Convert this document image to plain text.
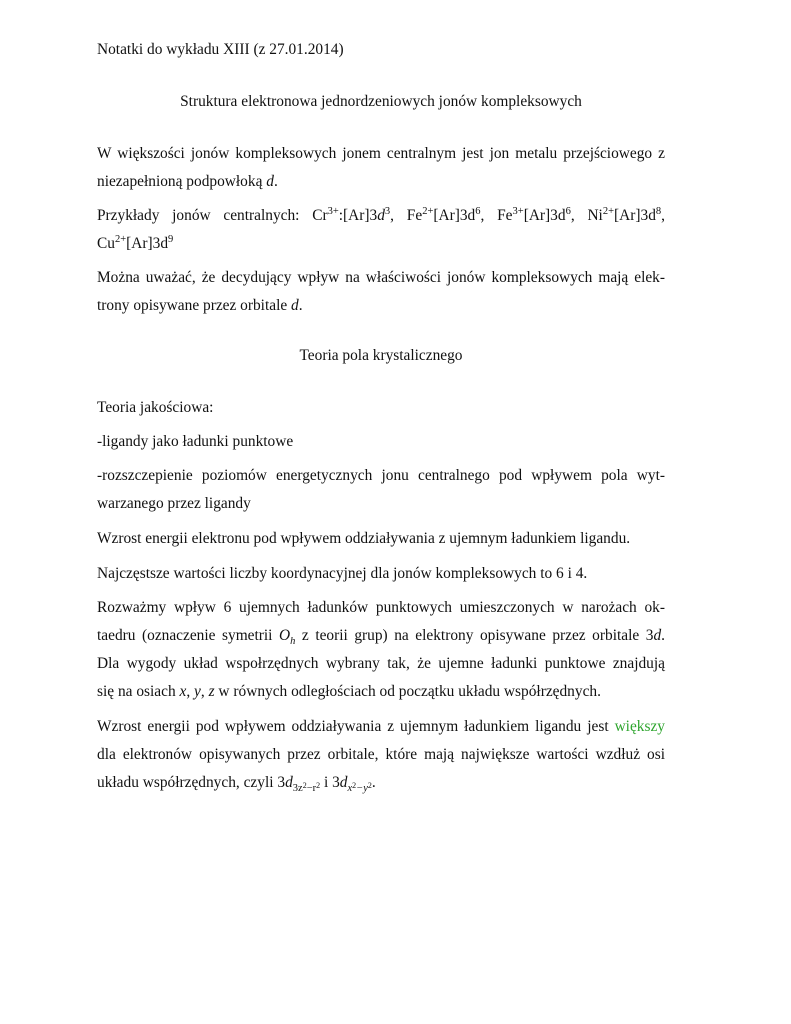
Notatki do wykładu XIII (z 27.01.2014)
Struktura elektronowa jednordzeniowych jonów kompleksowych
W większości jonów kompleksowych jonem centralnym jest jon metalu przejściowego z
niezapełnioną podpowłoką d.
Przykłady jonów centralnych: $Cr^{3+}:[Ar]3d^3$, $Fe^{2+}[Ar]3d^6$, $Fe^{3+}[Ar]3d^6$, $Ni^{2+}[Ar]3d^8$,
$Cu^{2+}[Ar]3d^9$
Można uważać, że decydujący wpływ na właściwości jonów kompleksowych mają elek-
trony opisywane przez orbitale d.
Teoria pola krystalicznego
Teoria jakościowa:
-ligandy jako ładunki punktowe
-rozszczepienie poziomów energetycznych jonu centralnego pod wpływem pola wyt-
warzanego przez ligandy
Wzrost energii elektronu pod wpływem oddziaływania z ujemnym ładunkiem ligandu.
Najczęstsze wartości liczby koordynacyjnej dla jonów kompleksowych to 6 i 4.
Rozważmy wpływ 6 ujemnych ładunków punktowych umieszczonych w narożach ok-
taedru (oznaczenie symetrii $O_h$ z teorii grup) na elektrony opisywane przez orbitale 3d.
Dla wygody układ wspołrzędnych wybrany tak, że ujemne ładunki punktowe znajdują
się na osiach x, y, z w równych odległościach od początku układu współrzędnych.
Wzrost energii pod wpływem oddziaływania z ujemnym ładunkiem ligandu jest większy
dla elektronów opisywanych przez orbitale, które mają największe wartości wzdłuż osi
układu współrzędnych, czyli $3d_{3z^2-r^2}$ i $3d_{x^2-y^2}$.
